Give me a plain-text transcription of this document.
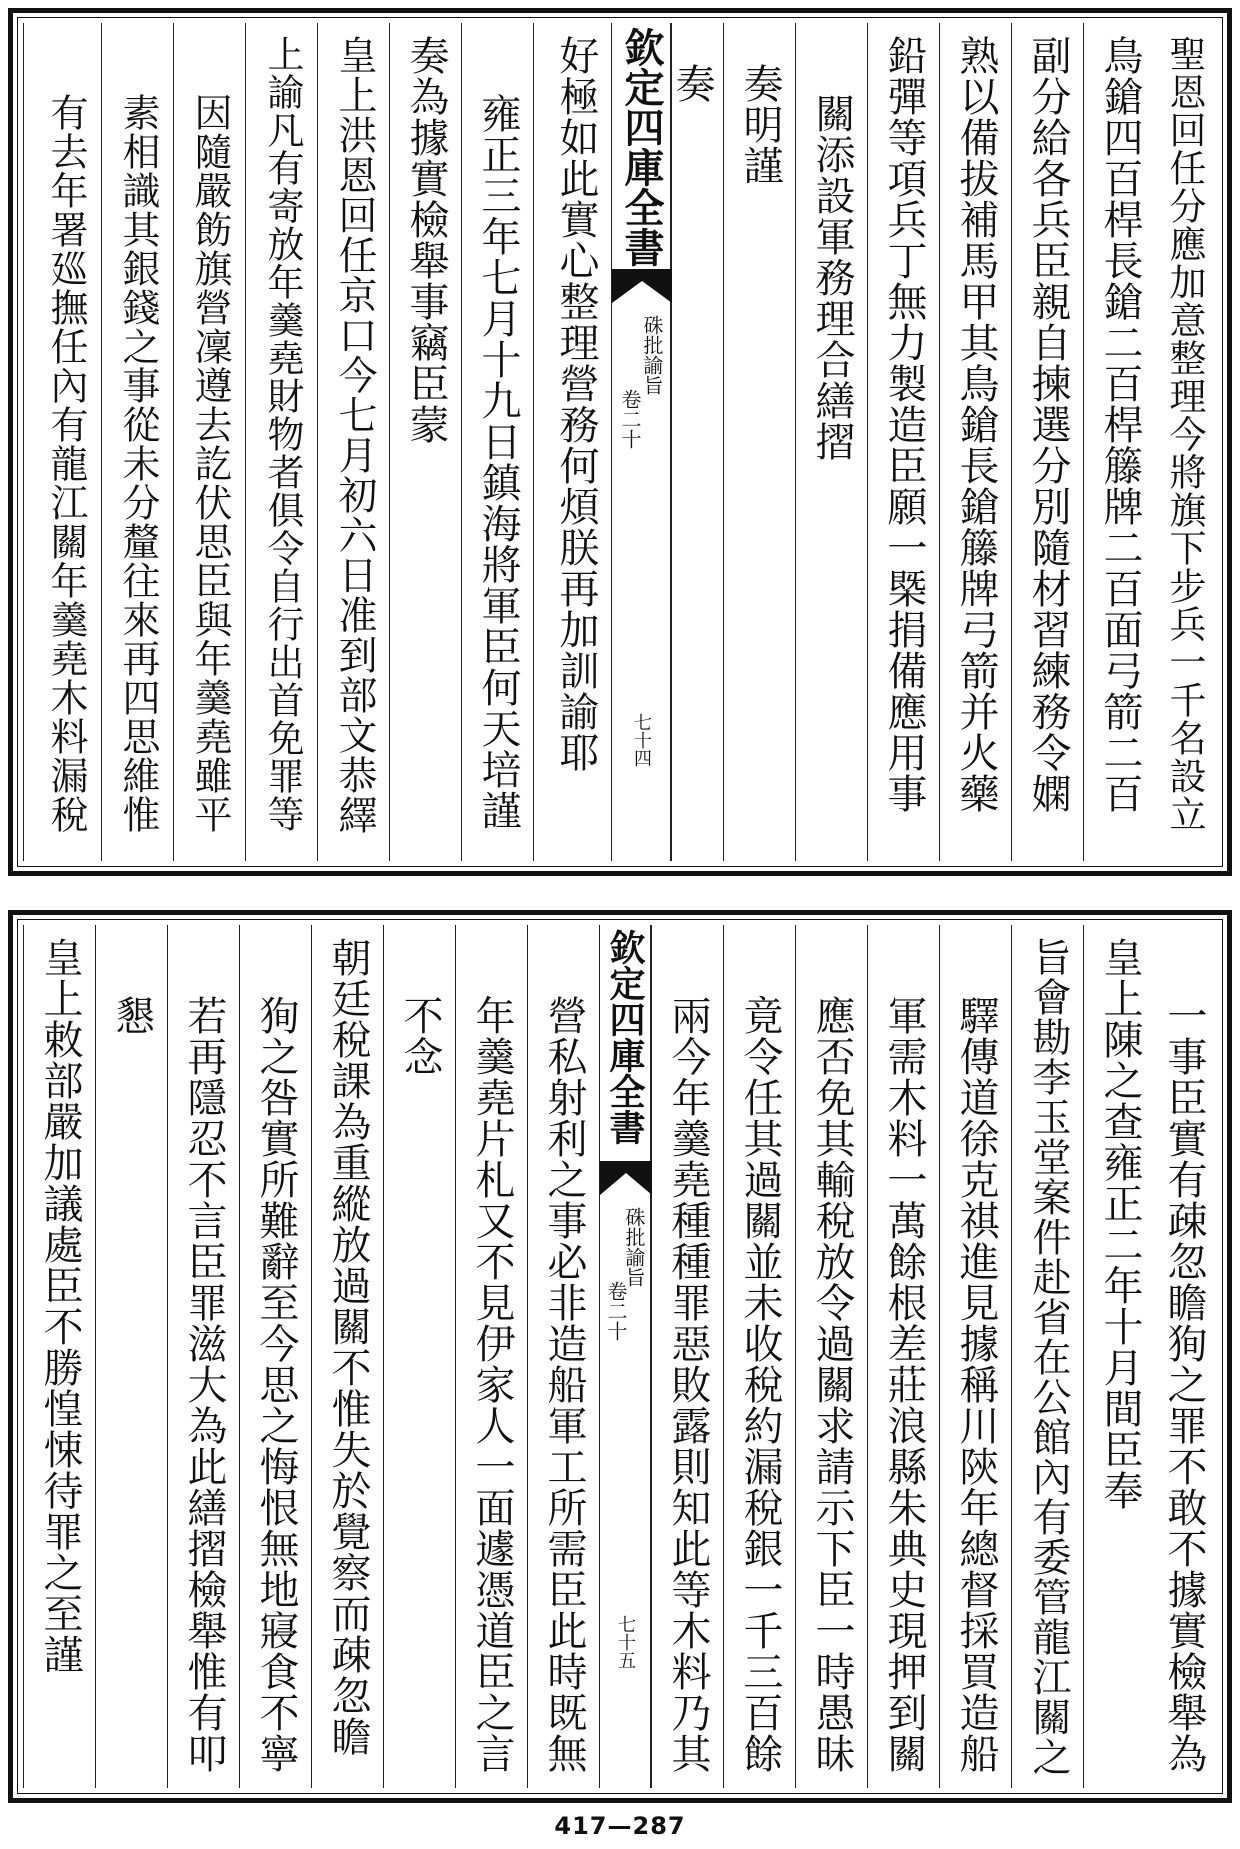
聖恩回任分應加意整理今將旗下步兵一千名設立
鳥鎗四百桿長鎗二百桿籐牌二百面弓箭二百
副分給各兵臣親自揀選分別隨材習練務令嫻
熟以備拔補馬甲其鳥鎗長鎗籐牌弓箭并火藥
鉛彈等項兵丁無力製造臣願一槩捐備應用事
關添設軍務理合繕摺
奏明謹
奏
欽定四庫全書
硃批諭旨
卷二十
七十四
好極如此實心整理營務何煩朕再加訓諭耶
雍正三年七月十九日鎮海將軍臣何天培謹
奏為據實檢舉事竊臣蒙
皇上洪恩回任京口今七月初六日准到部文恭繹
上諭凡有寄放年羹堯財物者俱令自行出首免罪等
因隨嚴飭旗營凜遵去訖伏思臣與年羹堯雖平
素相識其銀錢之事從未分釐往來再四思維惟
有去年署廵撫任內有龍江關年羹堯木料漏稅
一事臣實有疎忽瞻狥之罪不敢不據實檢舉為
皇上陳之查雍正二年十月間臣奉
旨會勘李玉堂案件赴省在公館內有委管龍江關之
驛傳道徐克祺進見據稱川陝年總督採買造船
軍需木料一萬餘根差莊浪縣朱典史現押到關
應否免其輸稅放令過關求請示下臣一時愚昧
竟令任其過關並未收稅約漏稅銀一千三百餘
兩今年羹堯種種罪惡敗露則知此等木料乃其
欽定四庫全書
硃批諭旨
卷二十
七十五
營私射利之事必非造船軍工所需臣此時既無
年羹堯片札又不見伊家人一面遽憑道臣之言
不念
朝廷稅課為重縱放過關不惟失於覺察而疎忽瞻
狥之咎實所難辭至今思之悔恨無地寢食不寧
若再隱忍不言臣罪滋大為此繕摺檢舉惟有叩
懇
皇上敕部嚴加議處臣不勝惶悚待罪之至謹
417—287
